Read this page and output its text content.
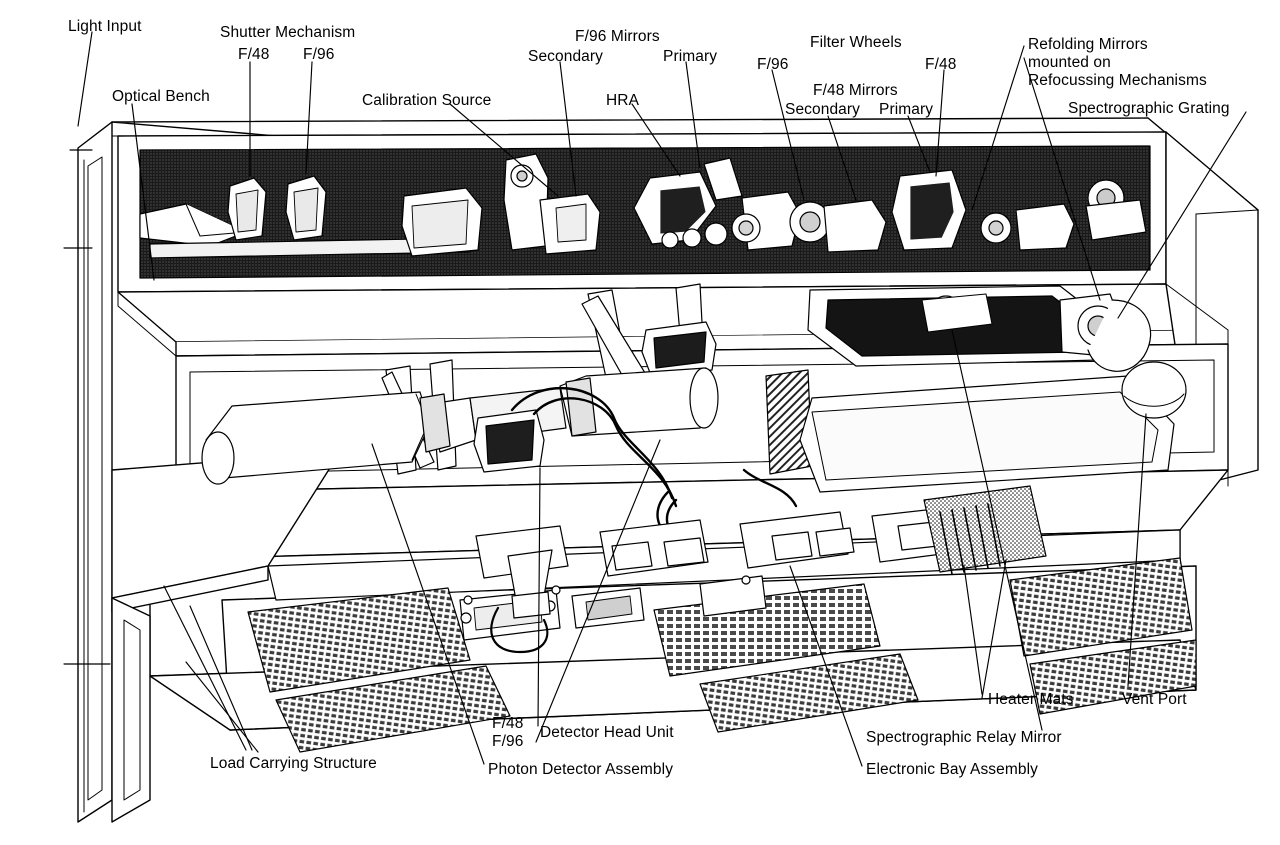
Light Input
Optical Bench
Shutter Mechanism
F/48 F/96
Calibration Source
F/96 Mirrors
Secondary	Primary
HRA
Filter Wheels
F/96	F/48
F/48 Mirrors
Secondary Primary
Refolding Mirrors
mounted on
Refocussing Mechanisms
Spectrographic Grating
Heater Mats	Vent Port
Spectrographic Relay Mirror
Electronic Bay Assembly
F/48
F/96
Detector Head Unit
Photon Detector Assembly
Load Carrying Structure
